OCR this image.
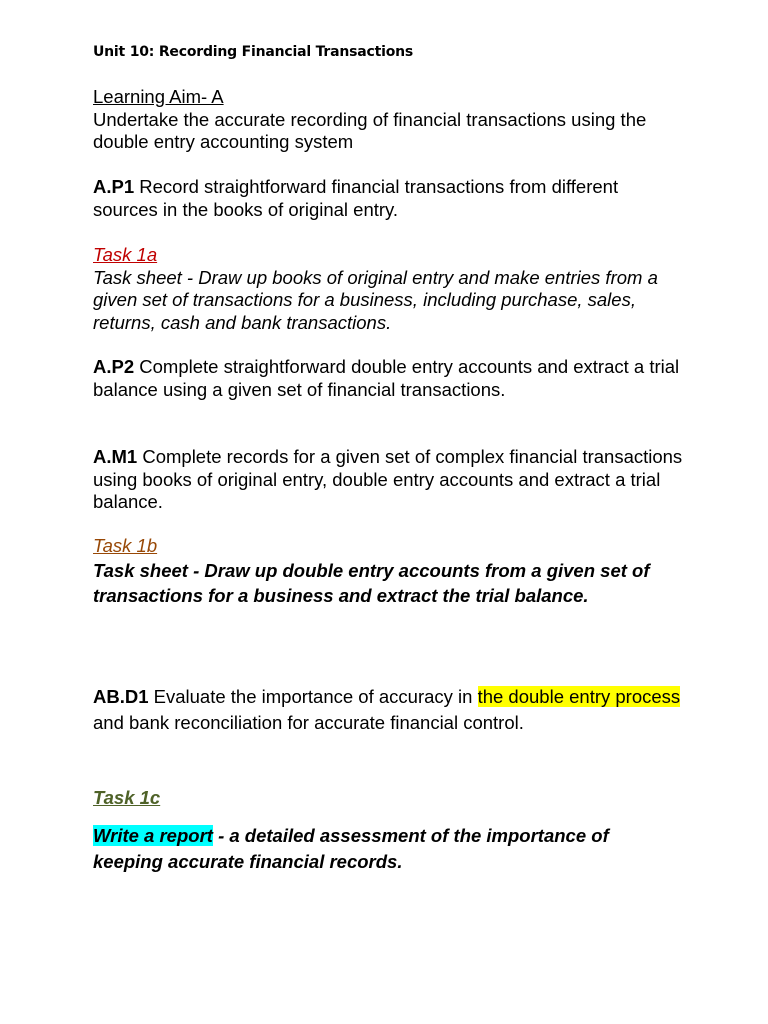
Unit 10: Recording Financial Transactions
Learning Aim- A
Undertake the accurate recording of financial transactions using the double entry accounting system
A.P1 Record straightforward financial transactions from different sources in the books of original entry.
Task 1a
Task sheet - Draw up books of original entry and make entries from a given set of transactions for a business, including purchase, sales, returns, cash and bank transactions.
A.P2 Complete straightforward double entry accounts and extract a trial balance using a given set of financial transactions.
A.M1 Complete records for a given set of complex financial transactions using books of original entry, double entry accounts and extract a trial balance.
Task 1b
Task sheet - Draw up double entry accounts from a given set of transactions for a business and extract the trial balance.
AB.D1 Evaluate the importance of accuracy in the double entry process and bank reconciliation for accurate financial control.
Task 1c
Write a report - a detailed assessment of the importance of keeping accurate financial records.
